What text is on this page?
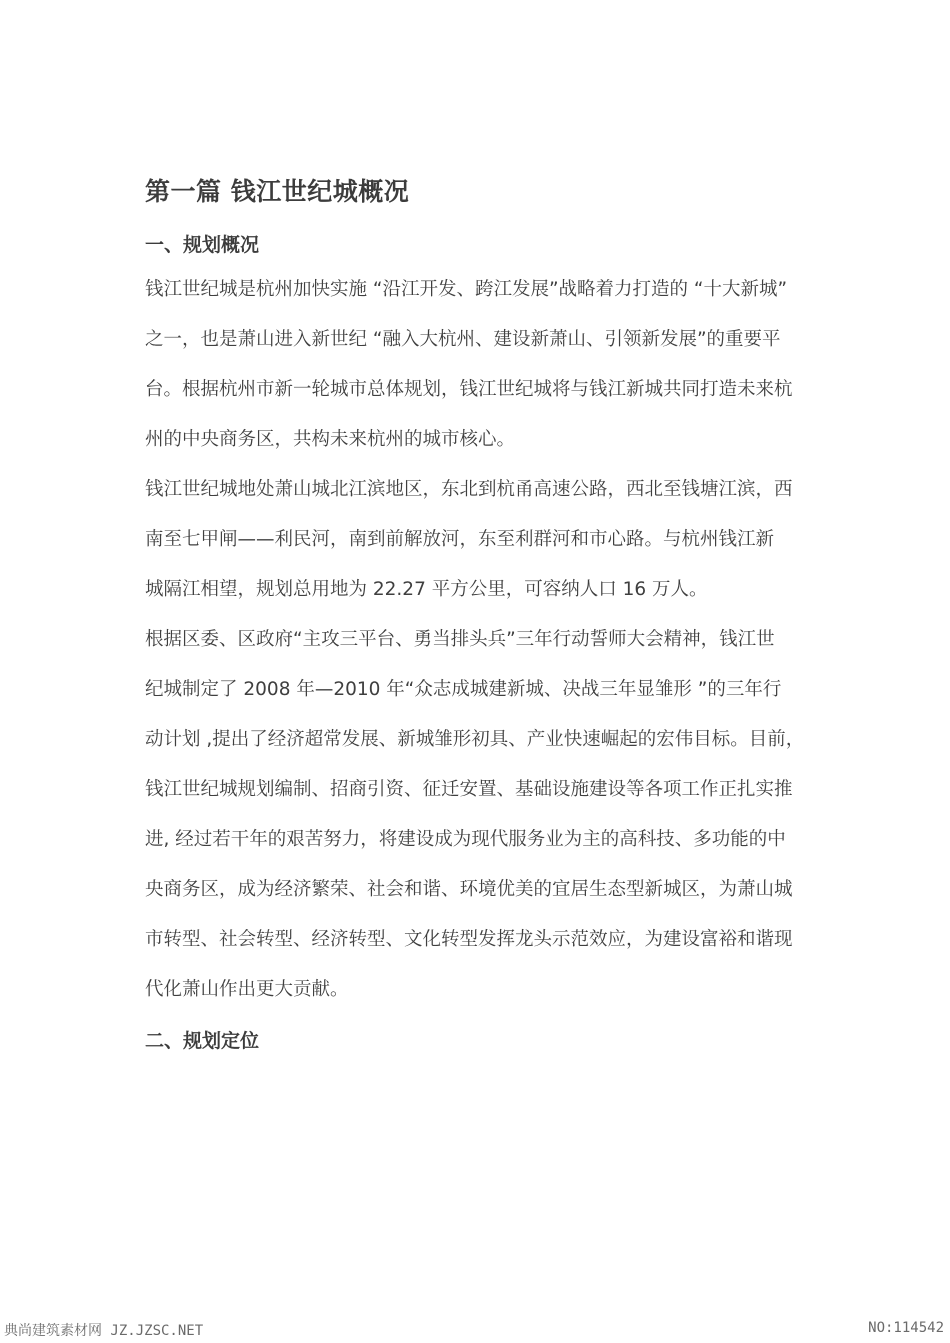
第一篇 钱江世纪城概况
一、规划概况

钱江世纪城是杭州加快实施 “沿江开发、跨江发展”战略着力打造的 “十大新城”

之一，也是萧山进入新世纪 “融入大杭州、建设新萧山、引领新发展”的重要平

台。根据杭州市新一轮城市总体规划，钱江世纪城将与钱江新城共同打造未来杭

州的中央商务区，共构未来杭州的城市核心。

钱江世纪城地处萧山城北江滨地区，东北到杭甬高速公路，西北至钱塘江滨，西

南至七甲闸——利民河，南到前解放河，东至利群河和市心路。与杭州钱江新

城隔江相望，规划总用地为 22.27 平方公里，可容纳人口 16 万人。

根据区委、区政府“主攻三平台、勇当排头兵”三年行动誓师大会精神，钱江世

纪城制定了 2008 年—2010 年“众志成城建新城、决战三年显雏形 ”的三年行

动计划 ,提出了经济超常发展、新城雏形初具、产业快速崛起的宏伟目标。目前，

钱江世纪城规划编制、招商引资、征迁安置、基础设施建设等各项工作正扎实推

进, 经过若干年的艰苦努力，将建设成为现代服务业为主的高科技、多功能的中

央商务区，成为经济繁荣、社会和谐、环境优美的宜居生态型新城区，为萧山城

市转型、社会转型、经济转型、文化转型发挥龙头示范效应，为建设富裕和谐现

代化萧山作出更大贡献。

二、规划定位
典尚建筑素材网 JZ.JZSC.NET	NO:114542
